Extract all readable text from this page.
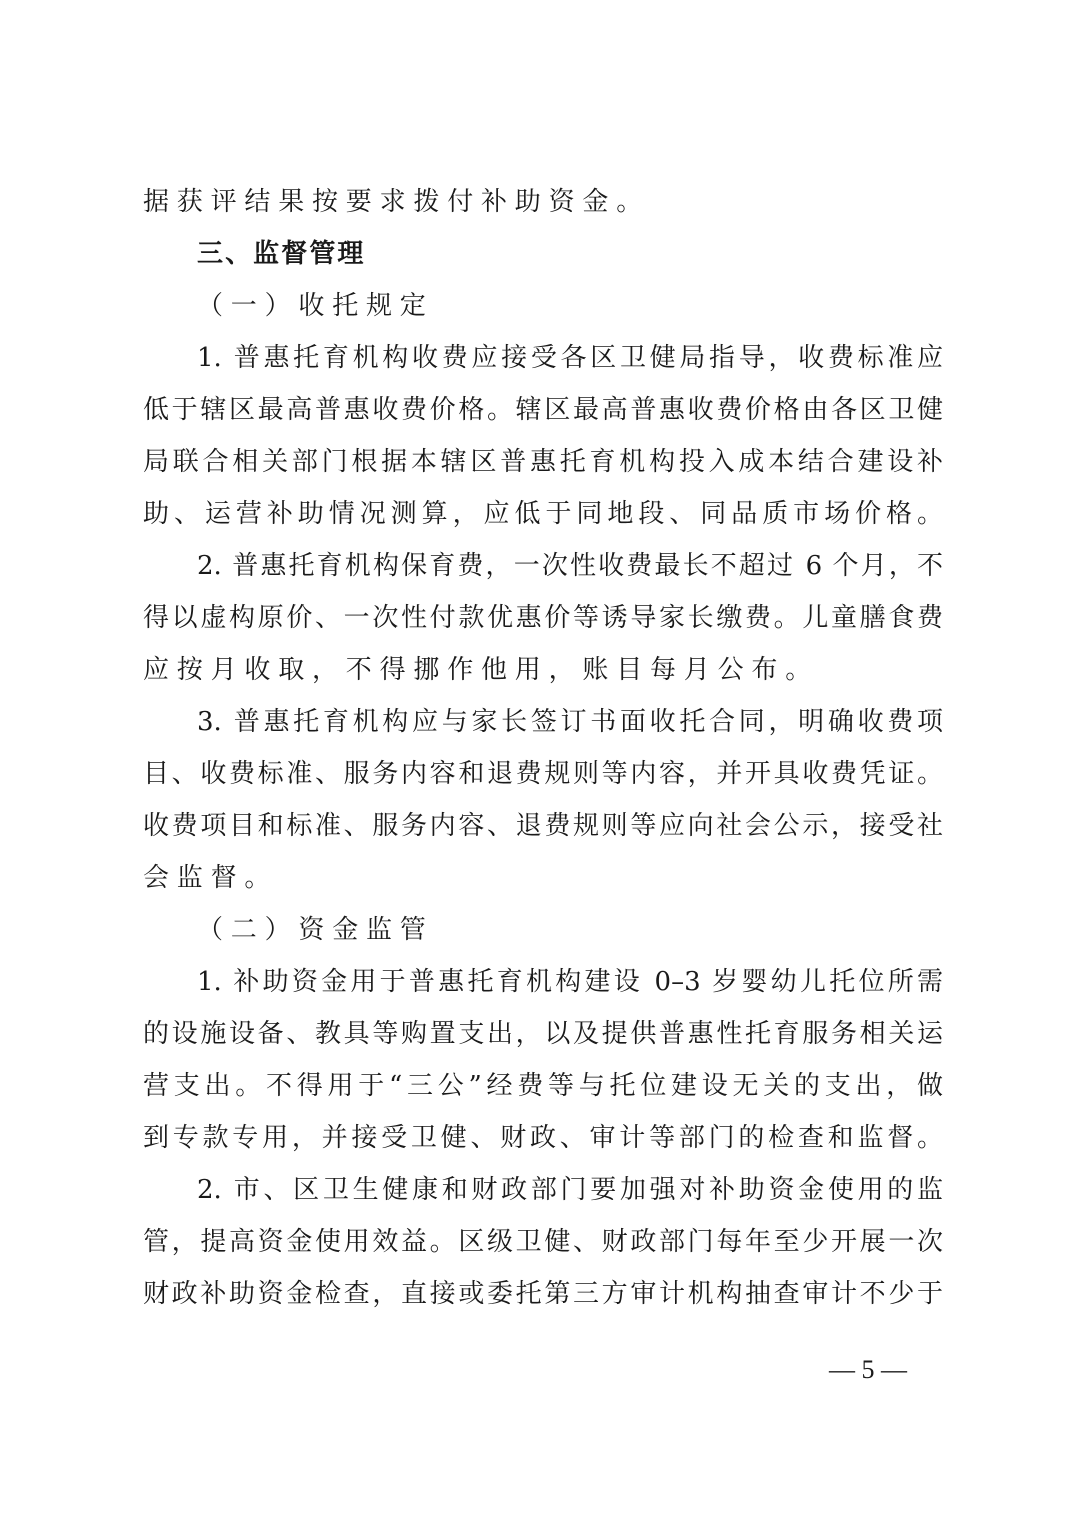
据获评结果按要求拨付补助资金。
三、监督管理
（一）收托规定
1. 普惠托育机构收费应接受各区卫健局指导，收费标准应
低于辖区最高普惠收费价格。辖区最高普惠收费价格由各区卫健
局联合相关部门根据本辖区普惠托育机构投入成本结合建设补
助、运营补助情况测算，应低于同地段、同品质市场价格。
2. 普惠托育机构保育费，一次性收费最长不超过 6 个月，不
得以虚构原价、一次性付款优惠价等诱导家长缴费。儿童膳食费
应按月收取，不得挪作他用，账目每月公布。
3. 普惠托育机构应与家长签订书面收托合同，明确收费项
目、收费标准、服务内容和退费规则等内容，并开具收费凭证。
收费项目和标准、服务内容、退费规则等应向社会公示，接受社
会监督。
（二）资金监管
1. 补助资金用于普惠托育机构建设 0–3 岁婴幼儿托位所需
的设施设备、教具等购置支出，以及提供普惠性托育服务相关运
营支出。不得用于“三公”经费等与托位建设无关的支出，做
到专款专用，并接受卫健、财政、审计等部门的检查和监督。
2. 市、区卫生健康和财政部门要加强对补助资金使用的监
管，提高资金使用效益。区级卫健、财政部门每年至少开展一次
财政补助资金检查，直接或委托第三方审计机构抽查审计不少于
— 5 —
